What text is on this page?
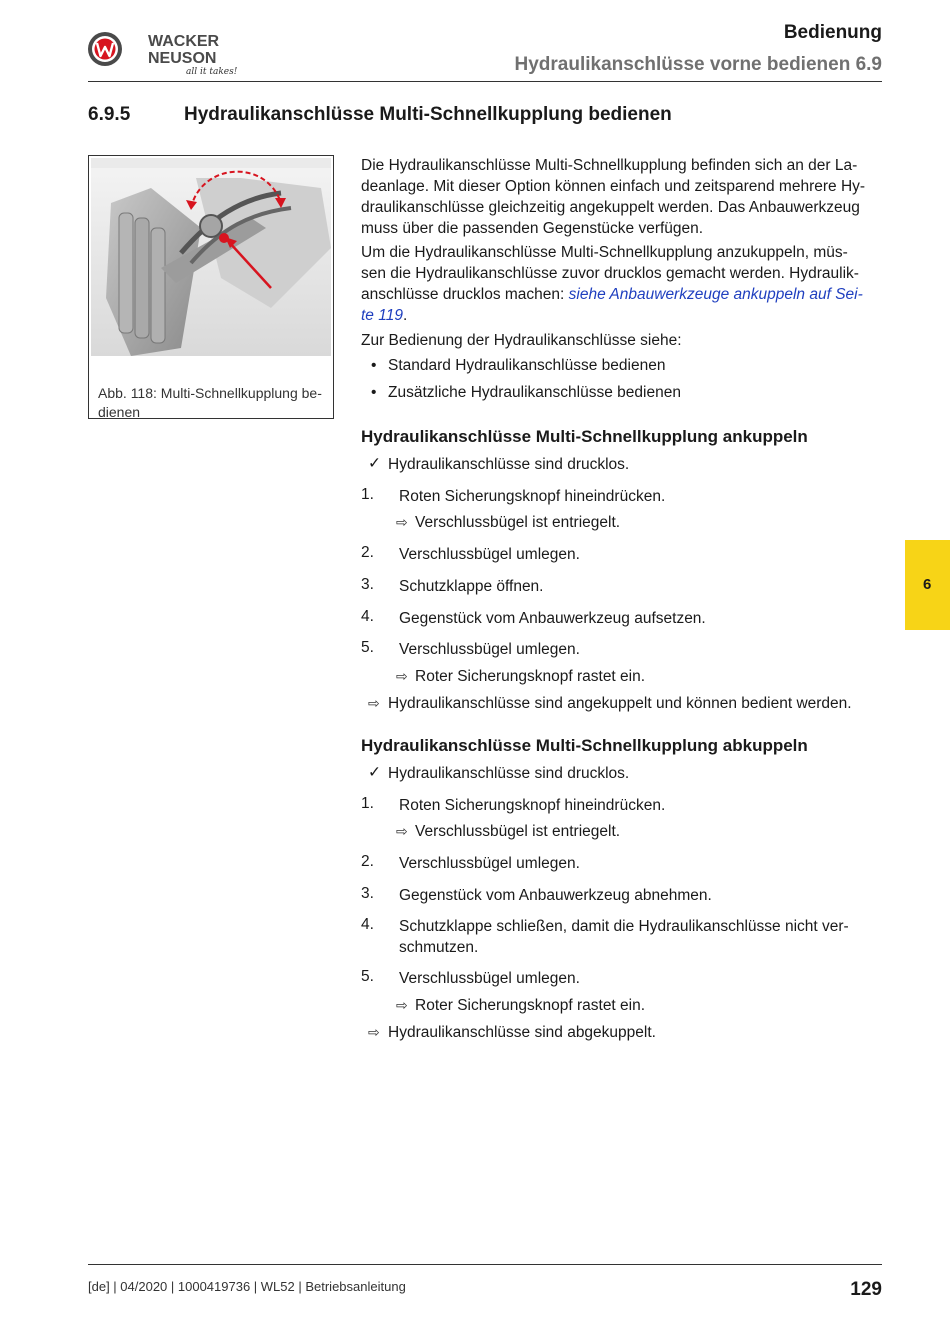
WACKER
NEUSON
all it takes!
Bedienung
Hydraulikanschlüsse vorne bedienen 6.9
6.9.5	Hydraulikanschlüsse Multi-Schnellkupplung bedienen
Abb. 118: Multi-Schnellkupplung be-
dienen
Die Hydraulikanschlüsse Multi-Schnellkupplung befinden sich an der La-
deanlage. Mit dieser Option können einfach und zeitsparend mehrere Hy-
draulikanschlüsse gleichzeitig angekuppelt werden. Das Anbauwerkzeug
muss über die passenden Gegenstücke verfügen.
Um die Hydraulikanschlüsse Multi-Schnellkupplung anzukuppeln, müs-
sen die Hydraulikanschlüsse zuvor drucklos gemacht werden. Hydraulik-
anschlüsse drucklos machen: siehe Anbauwerkzeuge ankuppeln auf Sei-
te 119.
Zur Bedienung der Hydraulikanschlüsse siehe:
• Standard Hydraulikanschlüsse bedienen
• Zusätzliche Hydraulikanschlüsse bedienen
Hydraulikanschlüsse Multi-Schnellkupplung ankuppeln
✓ Hydraulikanschlüsse sind drucklos.
1. Roten Sicherungsknopf hineindrücken.
⇨ Verschlussbügel ist entriegelt.
2. Verschlussbügel umlegen.
3. Schutzklappe öffnen.
4. Gegenstück vom Anbauwerkzeug aufsetzen.
5. Verschlussbügel umlegen.
⇨ Roter Sicherungsknopf rastet ein.
⇨ Hydraulikanschlüsse sind angekuppelt und können bedient werden.
Hydraulikanschlüsse Multi-Schnellkupplung abkuppeln
✓ Hydraulikanschlüsse sind drucklos.
1. Roten Sicherungsknopf hineindrücken.
⇨ Verschlussbügel ist entriegelt.
2. Verschlussbügel umlegen.
3. Gegenstück vom Anbauwerkzeug abnehmen.
4. Schutzklappe schließen, damit die Hydraulikanschlüsse nicht ver-
schmutzen.
5. Verschlussbügel umlegen.
⇨ Roter Sicherungsknopf rastet ein.
⇨ Hydraulikanschlüsse sind abgekuppelt.
6
[de] | 04/2020 | 1000419736 | WL52 | Betriebsanleitung	129
